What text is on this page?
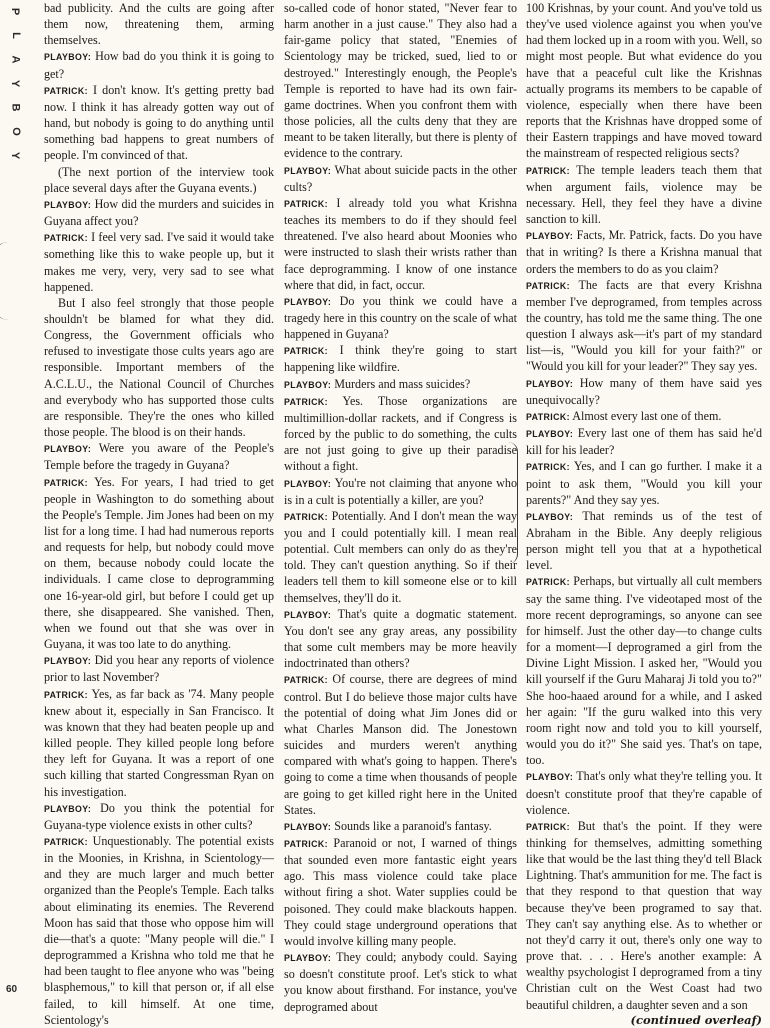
P
L
A
Y
B
O
Y

bad publicity. And the cults are going after them now, threatening them, arming themselves.

PLAYBOY: How bad do you think it is going to get?

PATRICK: I don't know. It's getting pretty bad now. I think it has already gotten way out of hand, but nobody is going to do anything until something bad happens to great numbers of people. I'm convinced of that.

(The next portion of the interview took place several days after the Guyana events.)

PLAYBOY: How did the murders and suicides in Guyana affect you?

PATRICK: I feel very sad. I've said it would take something like this to wake people up, but it makes me very, very, very sad to see what happened.

But I also feel strongly that those people shouldn't be blamed for what they did. Congress, the Government officials who refused to investigate those cults years ago are responsible. Important members of the A.C.L.U., the National Council of Churches and everybody who has supported those cults are responsible. They're the ones who killed those people. The blood is on their hands.

PLAYBOY: Were you aware of the People's Temple before the tragedy in Guyana?

PATRICK: Yes. For years, I had tried to get people in Washington to do something about the People's Temple. Jim Jones had been on my list for a long time. I had had numerous reports and requests for help, but nobody could move on them, because nobody could locate the individuals. I came close to deprogramming one 16-year-old girl, but before I could get up there, she disappeared. She vanished. Then, when we found out that she was over in Guyana, it was too late to do anything.

PLAYBOY: Did you hear any reports of violence prior to last November?

PATRICK: Yes, as far back as '74. Many people knew about it, especially in San Francisco. It was known that they had beaten people up and killed people. They killed people long before they left for Guyana. It was a report of one such killing that started Congressman Ryan on his investigation.

PLAYBOY: Do you think the potential for Guyana-type violence exists in other cults?

PATRICK: Unquestionably. The potential exists in the Moonies, in Krishna, in Scientology—and they are much larger and much better organized than the People's Temple. Each talks about eliminating its enemies. The Reverend Moon has said that those who oppose him will die—that's a quote: "Many people will die." I deprogrammed a Krishna who told me that he had been taught to flee anyone who was "being blasphemous," to kill that person or, if all else failed, to kill himself. At one time, Scientology's

so-called code of honor stated, "Never fear to harm another in a just cause." They also had a fair-game policy that stated, "Enemies of Scientology may be tricked, sued, lied to or destroyed." Interestingly enough, the People's Temple is reported to have had its own fair-game doctrines. When you confront them with those policies, all the cults deny that they are meant to be taken literally, but there is plenty of evidence to the contrary.

PLAYBOY: What about suicide pacts in the other cults?

PATRICK: I already told you what Krishna teaches its members to do if they should feel threatened. I've also heard about Moonies who were instructed to slash their wrists rather than face deprogramming. I know of one instance where that did, in fact, occur.

PLAYBOY: Do you think we could have a tragedy here in this country on the scale of what happened in Guyana?

PATRICK: I think they're going to start happening like wildfire.

PLAYBOY: Murders and mass suicides?

PATRICK: Yes. Those organizations are multimillion-dollar rackets, and if Congress is forced by the public to do something, the cults are not just going to give up their paradise without a fight.

PLAYBOY: You're not claiming that anyone who is in a cult is potentially a killer, are you?

PATRICK: Potentially. And I don't mean the way you and I could potentially kill. I mean real potential. Cult members can only do as they're told. They can't question anything. So if their leaders tell them to kill someone else or to kill themselves, they'll do it.

PLAYBOY: That's quite a dogmatic statement. You don't see any gray areas, any possibility that some cult members may be more heavily indoctrinated than others?

PATRICK: Of course, there are degrees of mind control. But I do believe those major cults have the potential of doing what Jim Jones did or what Charles Manson did. The Jonestown suicides and murders weren't anything compared with what's going to happen. There's going to come a time when thousands of people are going to get killed right here in the United States.

PLAYBOY: Sounds like a paranoid's fantasy.

PATRICK: Paranoid or not, I warned of things that sounded even more fantastic eight years ago. This mass violence could take place without firing a shot. Water supplies could be poisoned. They could make blackouts happen. They could stage underground operations that would involve killing many people.

PLAYBOY: They could; anybody could. Saying so doesn't constitute proof. Let's stick to what you know about firsthand. For instance, you've deprogramed about

100 Krishnas, by your count. And you've told us they've used violence against you when you've had them locked up in a room with you. Well, so might most people. But what evidence do you have that a peaceful cult like the Krishnas actually programs its members to be capable of violence, especially when there have been reports that the Krishnas have dropped some of their Eastern trappings and have moved toward the mainstream of respected religious sects?

PATRICK: The temple leaders teach them that when argument fails, violence may be necessary. Hell, they feel they have a divine sanction to kill.

PLAYBOY: Facts, Mr. Patrick, facts. Do you have that in writing? Is there a Krishna manual that orders the members to do as you claim?

PATRICK: The facts are that every Krishna member I've deprogramed, from temples across the country, has told me the same thing. The one question I always ask—it's part of my standard list—is, "Would you kill for your faith?" or "Would you kill for your leader?" They say yes.

PLAYBOY: How many of them have said yes unequivocally?

PATRICK: Almost every last one of them.

PLAYBOY: Every last one of them has said he'd kill for his leader?

PATRICK: Yes, and I can go further. I make it a point to ask them, "Would you kill your parents?" And they say yes.

PLAYBOY: That reminds us of the test of Abraham in the Bible. Any deeply religious person might tell you that at a hypothetical level.

PATRICK: Perhaps, but virtually all cult members say the same thing. I've videotaped most of the more recent deprogramings, so anyone can see for himself. Just the other day—to change cults for a moment—I deprogramed a girl from the Divine Light Mission. I asked her, "Would you kill yourself if the Guru Maharaj Ji told you to?" She hoo-haaed around for a while, and I asked her again: "If the guru walked into this very room right now and told you to kill yourself, would you do it?" She said yes. That's on tape, too.

PLAYBOY: That's only what they're telling you. It doesn't constitute proof that they're capable of violence.

PATRICK: But that's the point. If they were thinking for themselves, admitting something like that would be the last thing they'd tell Black Lightning. That's ammunition for me. The fact is that they respond to that question that way because they've been programed to say that. They can't say anything else. As to whether or not they'd carry it out, there's only one way to prove that. . . . Here's another example: A wealthy psychologist I deprogramed from a tiny Christian cult on the West Coast had two beautiful children, a daughter seven and a son

(continued overleaf)
60
